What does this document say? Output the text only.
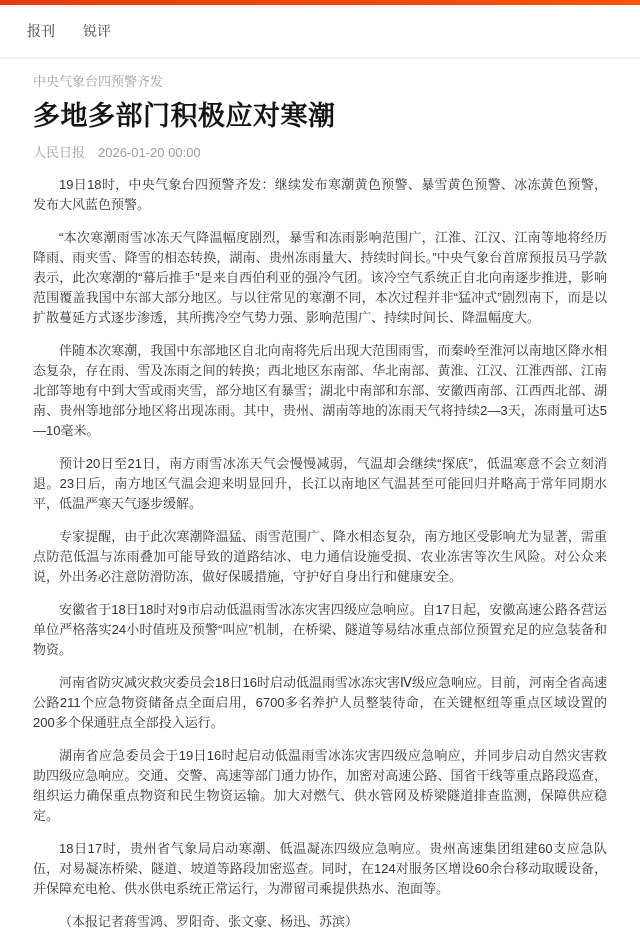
报刊 锐评
中央气象台四预警齐发
多地多部门积极应对寒潮
人民日报 2026-01-20 00:00

19日18时，中央气象台四预警齐发：继续发布寒潮黄色预警、暴雪黄色预警、冰冻黄色预警，发布大风蓝色预警。

“本次寒潮雨雪冰冻天气降温幅度剧烈，暴雪和冻雨影响范围广，江淮、江汉、江南等地将经历降雨、雨夹雪、降雪的相态转换，湖南、贵州冻雨量大、持续时间长。”中央气象台首席预报员马学款表示，此次寒潮的“幕后推手”是来自西伯利亚的强冷气团。该冷空气系统正自北向南逐步推进，影响范围覆盖我国中东部大部分地区。与以往常见的寒潮不同，本次过程并非“猛冲式”剧烈南下，而是以扩散蔓延方式逐步渗透，其所携冷空气势力强、影响范围广、持续时间长、降温幅度大。

伴随本次寒潮，我国中东部地区自北向南将先后出现大范围雨雪，而秦岭至淮河以南地区降水相态复杂，存在雨、雪及冻雨之间的转换；西北地区东南部、华北南部、黄淮、江汉、江淮西部、江南北部等地有中到大雪或雨夹雪，部分地区有暴雪；湖北中南部和东部、安徽西南部、江西西北部、湖南、贵州等地部分地区将出现冻雨。其中，贵州、湖南等地的冻雨天气将持续2—3天，冻雨量可达5—10毫米。

预计20日至21日，南方雨雪冰冻天气会慢慢减弱，气温却会继续“探底”，低温寒意不会立刻消退。23日后，南方地区气温会迎来明显回升，长江以南地区气温甚至可能回归并略高于常年同期水平，低温严寒天气逐步缓解。

专家提醒，由于此次寒潮降温猛、雨雪范围广、降水相态复杂，南方地区受影响尤为显著，需重点防范低温与冻雨叠加可能导致的道路结冰、电力通信设施受损、农业冻害等次生风险。对公众来说，外出务必注意防滑防冻，做好保暖措施，守护好自身出行和健康安全。

安徽省于18日18时对9市启动低温雨雪冰冻灾害四级应急响应。自17日起，安徽高速公路各营运单位严格落实24小时值班及预警“叫应”机制，在桥梁、隧道等易结冰重点部位预置充足的应急装备和物资。

河南省防灾减灾救灾委员会18日16时启动低温雨雪冰冻灾害Ⅳ级应急响应。目前，河南全省高速公路211个应急物资储备点全面启用，6700多名养护人员整装待命，在关键枢纽等重点区域设置的200多个保通驻点全部投入运行。

湖南省应急委员会于19日16时起启动低温雨雪冰冻灾害四级应急响应，并同步启动自然灾害救助四级应急响应。交通、交警、高速等部门通力协作，加密对高速公路、国省干线等重点路段巡查，组织运力确保重点物资和民生物资运输。加大对燃气、供水管网及桥梁隧道排查监测，保障供应稳定。

18日17时，贵州省气象局启动寒潮、低温凝冻四级应急响应。贵州高速集团组建60支应急队伍，对易凝冻桥梁、隧道、坡道等路段加密巡查。同时，在124对服务区增设60余台移动取暖设备，并保障充电枪、供水供电系统正常运行，为滞留司乘提供热水、泡面等。

（本报记者蒋雪鸿、罗阳奇、张文豪、杨迅、苏滨）
